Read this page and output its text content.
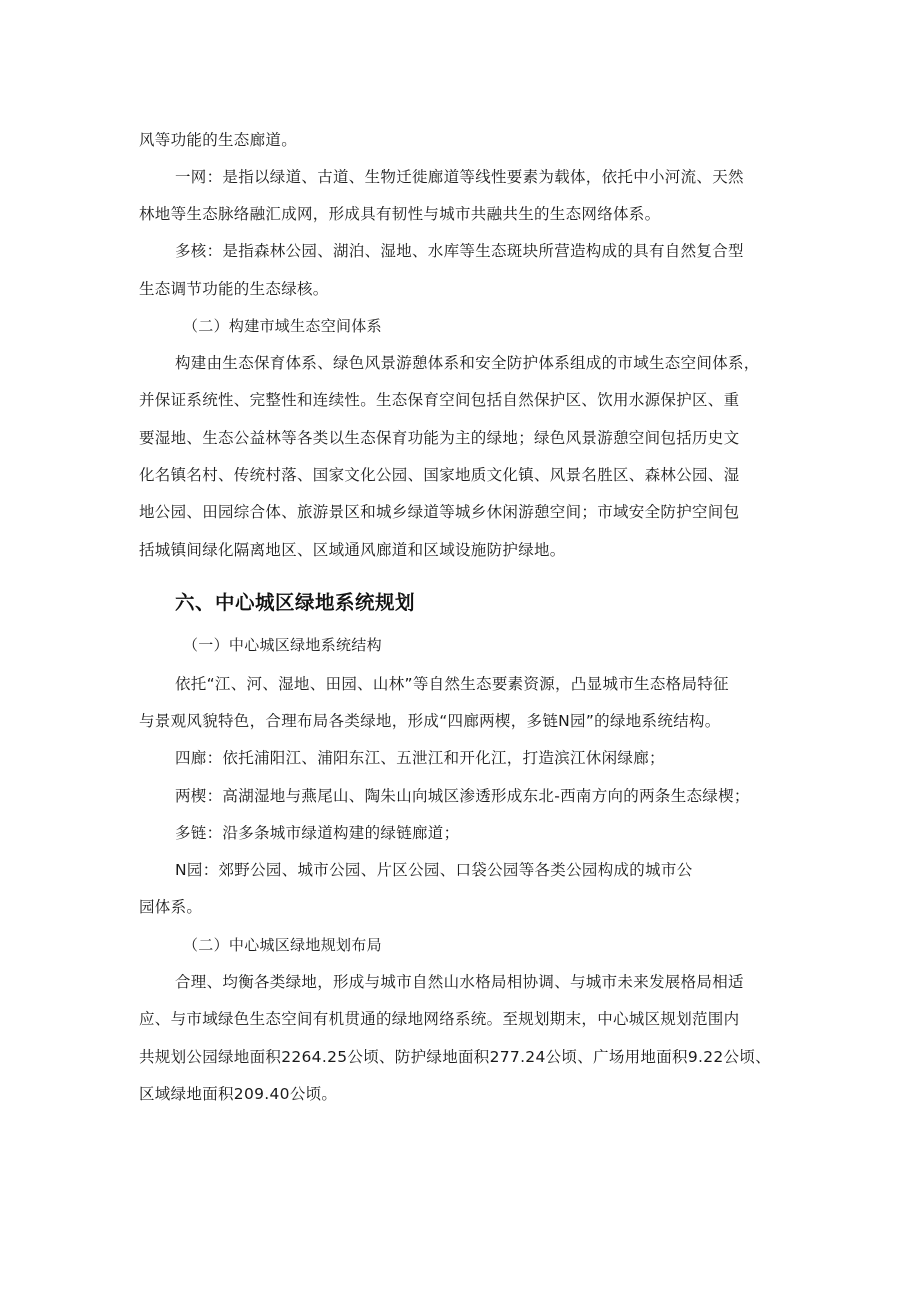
风等功能的生态廊道。

一网：是指以绿道、古道、生物迁徙廊道等线性要素为载体，依托中小河流、天然

林地等生态脉络融汇成网，形成具有韧性与城市共融共生的生态网络体系。

多核：是指森林公园、湖泊、湿地、水库等生态斑块所营造构成的具有自然复合型

生态调节功能的生态绿核。

（二）构建市域生态空间体系

构建由生态保育体系、绿色风景游憩体系和安全防护体系组成的市域生态空间体系，

并保证系统性、完整性和连续性。生态保育空间包括自然保护区、饮用水源保护区、重

要湿地、生态公益林等各类以生态保育功能为主的绿地；绿色风景游憩空间包括历史文

化名镇名村、传统村落、国家文化公园、国家地质文化镇、风景名胜区、森林公园、湿

地公园、田园综合体、旅游景区和城乡绿道等城乡休闲游憩空间；市域安全防护空间包

括城镇间绿化隔离地区、区域通风廊道和区域设施防护绿地。

六、中心城区绿地系统规划

（一）中心城区绿地系统结构

依托“江、河、湿地、田园、山林”等自然生态要素资源，凸显城市生态格局特征

与景观风貌特色，合理布局各类绿地，形成“四廊两楔，多链N园”的绿地系统结构。

四廊：依托浦阳江、浦阳东江、五泄江和开化江，打造滨江休闲绿廊；

两楔：高湖湿地与燕尾山、陶朱山向城区渗透形成东北-西南方向的两条生态绿楔；

多链：沿多条城市绿道构建的绿链廊道；

N园：郊野公园、城市公园、片区公园、口袋公园等各类公园构成的城市公

园体系。

（二）中心城区绿地规划布局

合理、均衡各类绿地，形成与城市自然山水格局相协调、与城市未来发展格局相适

应、与市域绿色生态空间有机贯通的绿地网络系统。至规划期末，中心城区规划范围内

共规划公园绿地面积2264.25公顷、防护绿地面积277.24公顷、广场用地面积9.22公顷、

区域绿地面积209.40公顷。
